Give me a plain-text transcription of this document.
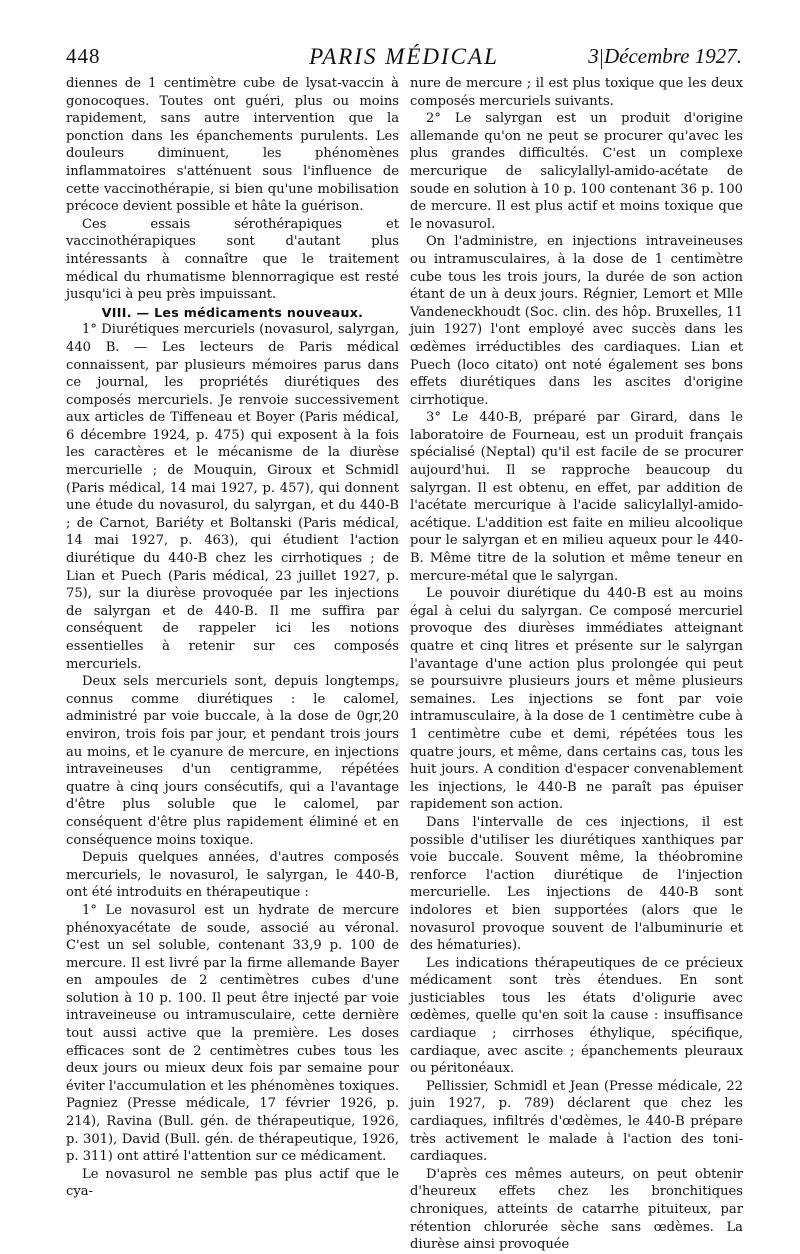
448	PARIS MÉDICAL	3 Décembre 1927.

diennes de 1 centimètre cube de lysat-vaccin à gonocoques. Toutes ont guéri, plus ou moins rapidement, sans autre intervention que la ponction dans les épanchements purulents. Les douleurs diminuent, les phénomènes inflammatoires s'atténuent sous l'influence de cette vaccinothérapie, si bien qu'une mobilisation précoce devient possible et hâte la guérison.

Ces essais sérothérapiques et vaccinothérapiques sont d'autant plus intéressants à connaître que le traitement médical du rhumatisme blennorragique est resté jusqu'ici à peu près impuissant.

VIII. — Les médicaments nouveaux.

1° Diurétiques mercuriels (novasurol, salyrgan, 440 B. — Les lecteurs de Paris médical connaissent, par plusieurs mémoires parus dans ce journal, les propriétés diurétiques des composés mercuriels. Je renvoie successivement aux articles de Tiffeneau et Boyer (Paris médical, 6 décembre 1924, p. 475) qui exposent à la fois les caractères et le mécanisme de la diurèse mercurielle ; de Mouquin, Giroux et Schmidl (Paris médical, 14 mai 1927, p. 457), qui donnent une étude du novasurol, du salyrgan, et du 440-B ; de Carnot, Bariéty et Boltanski (Paris médical, 14 mai 1927, p. 463), qui étudient l'action diurétique du 440-B chez les cirrhotiques ; de Lian et Puech (Paris médical, 23 juillet 1927, p. 75), sur la diurèse provoquée par les injections de salyrgan et de 440-B. Il me suffira par conséquent de rappeler ici les notions essentielles à retenir sur ces composés mercuriels.

Deux sels mercuriels sont, depuis longtemps, connus comme diurétiques : le calomel, administré par voie buccale, à la dose de 0gr,20 environ, trois fois par jour, et pendant trois jours au moins, et le cyanure de mercure, en injections intraveineuses d'un centigramme, répétées quatre à cinq jours consécutifs, qui a l'avantage d'être plus soluble que le calomel, par conséquent d'être plus rapidement éliminé et en conséquence moins toxique.

Depuis quelques années, d'autres composés mercuriels, le novasurol, le salyrgan, le 440-B, ont été introduits en thérapeutique :

1° Le novasurol est un hydrate de mercure phénoxyacétate de soude, associé au véronal. C'est un sel soluble, contenant 33,9 p. 100 de mercure. Il est livré par la firme allemande Bayer en ampoules de 2 centimètres cubes d'une solution à 10 p. 100. Il peut être injecté par voie intraveineuse ou intramusculaire, cette dernière tout aussi active que la première. Les doses efficaces sont de 2 centimètres cubes tous les deux jours ou mieux deux fois par semaine pour éviter l'accumulation et les phénomènes toxiques. Pagniez (Presse médicale, 17 février 1926, p. 214), Ravina (Bull. gén. de thérapeutique, 1926, p. 301), David (Bull. gén. de thérapeutique, 1926, p. 311) ont attiré l'attention sur ce médicament.

Le novasurol ne semble pas plus actif que le cya-

nure de mercure ; il est plus toxique que les deux composés mercuriels suivants.

2° Le salyrgan est un produit d'origine allemande qu'on ne peut se procurer qu'avec les plus grandes difficultés. C'est un complexe mercurique de salicylallyl-amido-acétate de soude en solution à 10 p. 100 contenant 36 p. 100 de mercure. Il est plus actif et moins toxique que le novasurol.

On l'administre, en injections intraveineuses ou intramusculaires, à la dose de 1 centimètre cube tous les trois jours, la durée de son action étant de un à deux jours. Régnier, Lemort et Mlle Vandeneckhoudt (Soc. clin. des hôp. Bruxelles, 11 juin 1927) l'ont employé avec succès dans les œdèmes irréductibles des cardiaques. Lian et Puech (loco citato) ont noté également ses bons effets diurétiques dans les ascites d'origine cirrhotique.

3° Le 440-B, préparé par Girard, dans le laboratoire de Fourneau, est un produit français spécialisé (Neptal) qu'il est facile de se procurer aujourd'hui. Il se rapproche beaucoup du salyrgan. Il est obtenu, en effet, par addition de l'acétate mercurique à l'acide salicylallyl-amido-acétique. L'addition est faite en milieu alcoolique pour le salyrgan et en milieu aqueux pour le 440-B. Même titre de la solution et même teneur en mercure-métal que le salyrgan.

Le pouvoir diurétique du 440-B est au moins égal à celui du salyrgan. Ce composé mercuriel provoque des diurèses immédiates atteignant quatre et cinq litres et présente sur le salyrgan l'avantage d'une action plus prolongée qui peut se poursuivre plusieurs jours et même plusieurs semaines. Les injections se font par voie intramusculaire, à la dose de 1 centimètre cube à 1 centimètre cube et demi, répétées tous les quatre jours, et même, dans certains cas, tous les huit jours. A condition d'espacer convenablement les injections, le 440-B ne paraît pas épuiser rapidement son action.

Dans l'intervalle de ces injections, il est possible d'utiliser les diurétiques xanthiques par voie buccale. Souvent même, la théobromine renforce l'action diurétique de l'injection mercurielle. Les injections de 440-B sont indolores et bien supportées (alors que le novasurol provoque souvent de l'albuminurie et des hématuries).

Les indications thérapeutiques de ce précieux médicament sont très étendues. En sont justiciables tous les états d'oligurie avec œdèmes, quelle qu'en soit la cause : insuffisance cardiaque ; cirrhoses éthylique, spécifique, cardiaque, avec ascite ; épanchements pleuraux ou péritonéaux.

Pellissier, Schmidl et Jean (Presse médicale, 22 juin 1927, p. 789) déclarent que chez les cardiaques, infiltrés d'œdèmes, le 440-B prépare très activement le malade à l'action des toni-cardiaques.

D'après ces mêmes auteurs, on peut obtenir d'heureux effets chez les bronchitiques chroniques, atteints de catarrhe pituiteux, par rétention chlorurée sèche sans œdèmes. La diurèse ainsi provoquée
